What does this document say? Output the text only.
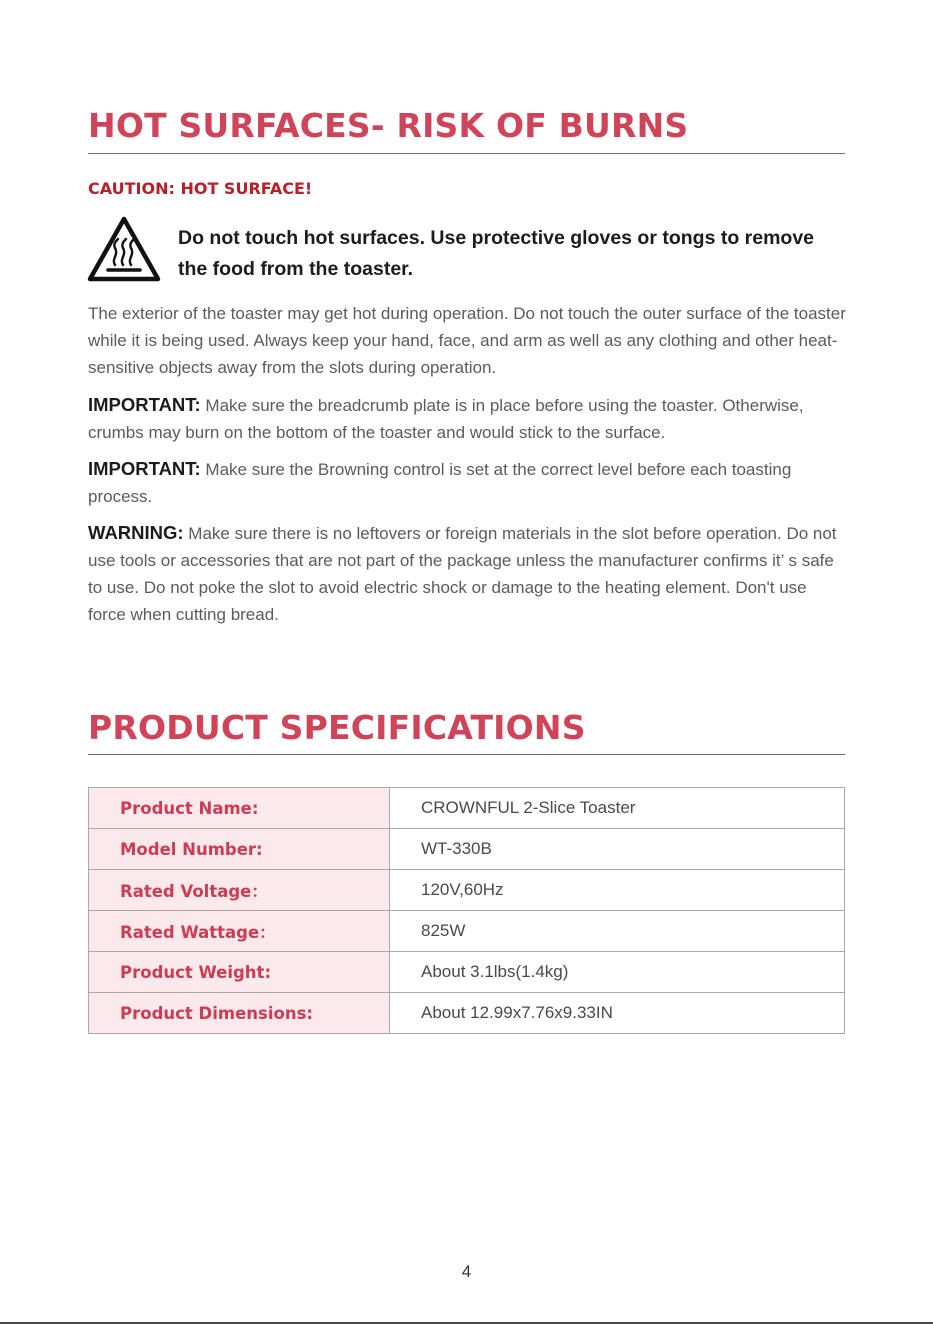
HOT SURFACES- RISK OF BURNS

CAUTION: HOT SURFACE!

Do not touch hot surfaces. Use protective gloves or tongs to remove the food from the toaster.

The exterior of the toaster may get hot during operation. Do not touch the outer surface of the toaster while it is being used. Always keep your hand, face, and arm as well as any clothing and other heat-sensitive objects away from the slots during operation.

IMPORTANT: Make sure the breadcrumb plate is in place before using the toaster. Otherwise, crumbs may burn on the bottom of the toaster and would stick to the surface.

IMPORTANT: Make sure the Browning control is set at the correct level before each toasting process.

WARNING: Make sure there is no leftovers or foreign materials in the slot before operation. Do not use tools or accessories that are not part of the package unless the manufacturer confirms it’ s safe to use. Do not poke the slot to avoid electric shock or damage to the heating element. Don't use force when cutting bread.

PRODUCT SPECIFICATIONS
Product Name:	CROWNFUL 2-Slice Toaster
Model Number:	WT-330B
Rated Voltage：	120V,60Hz
Rated Wattage：	825W
Product Weight:	About 3.1lbs(1.4kg)
Product Dimensions:	About 12.99x7.76x9.33IN
4
